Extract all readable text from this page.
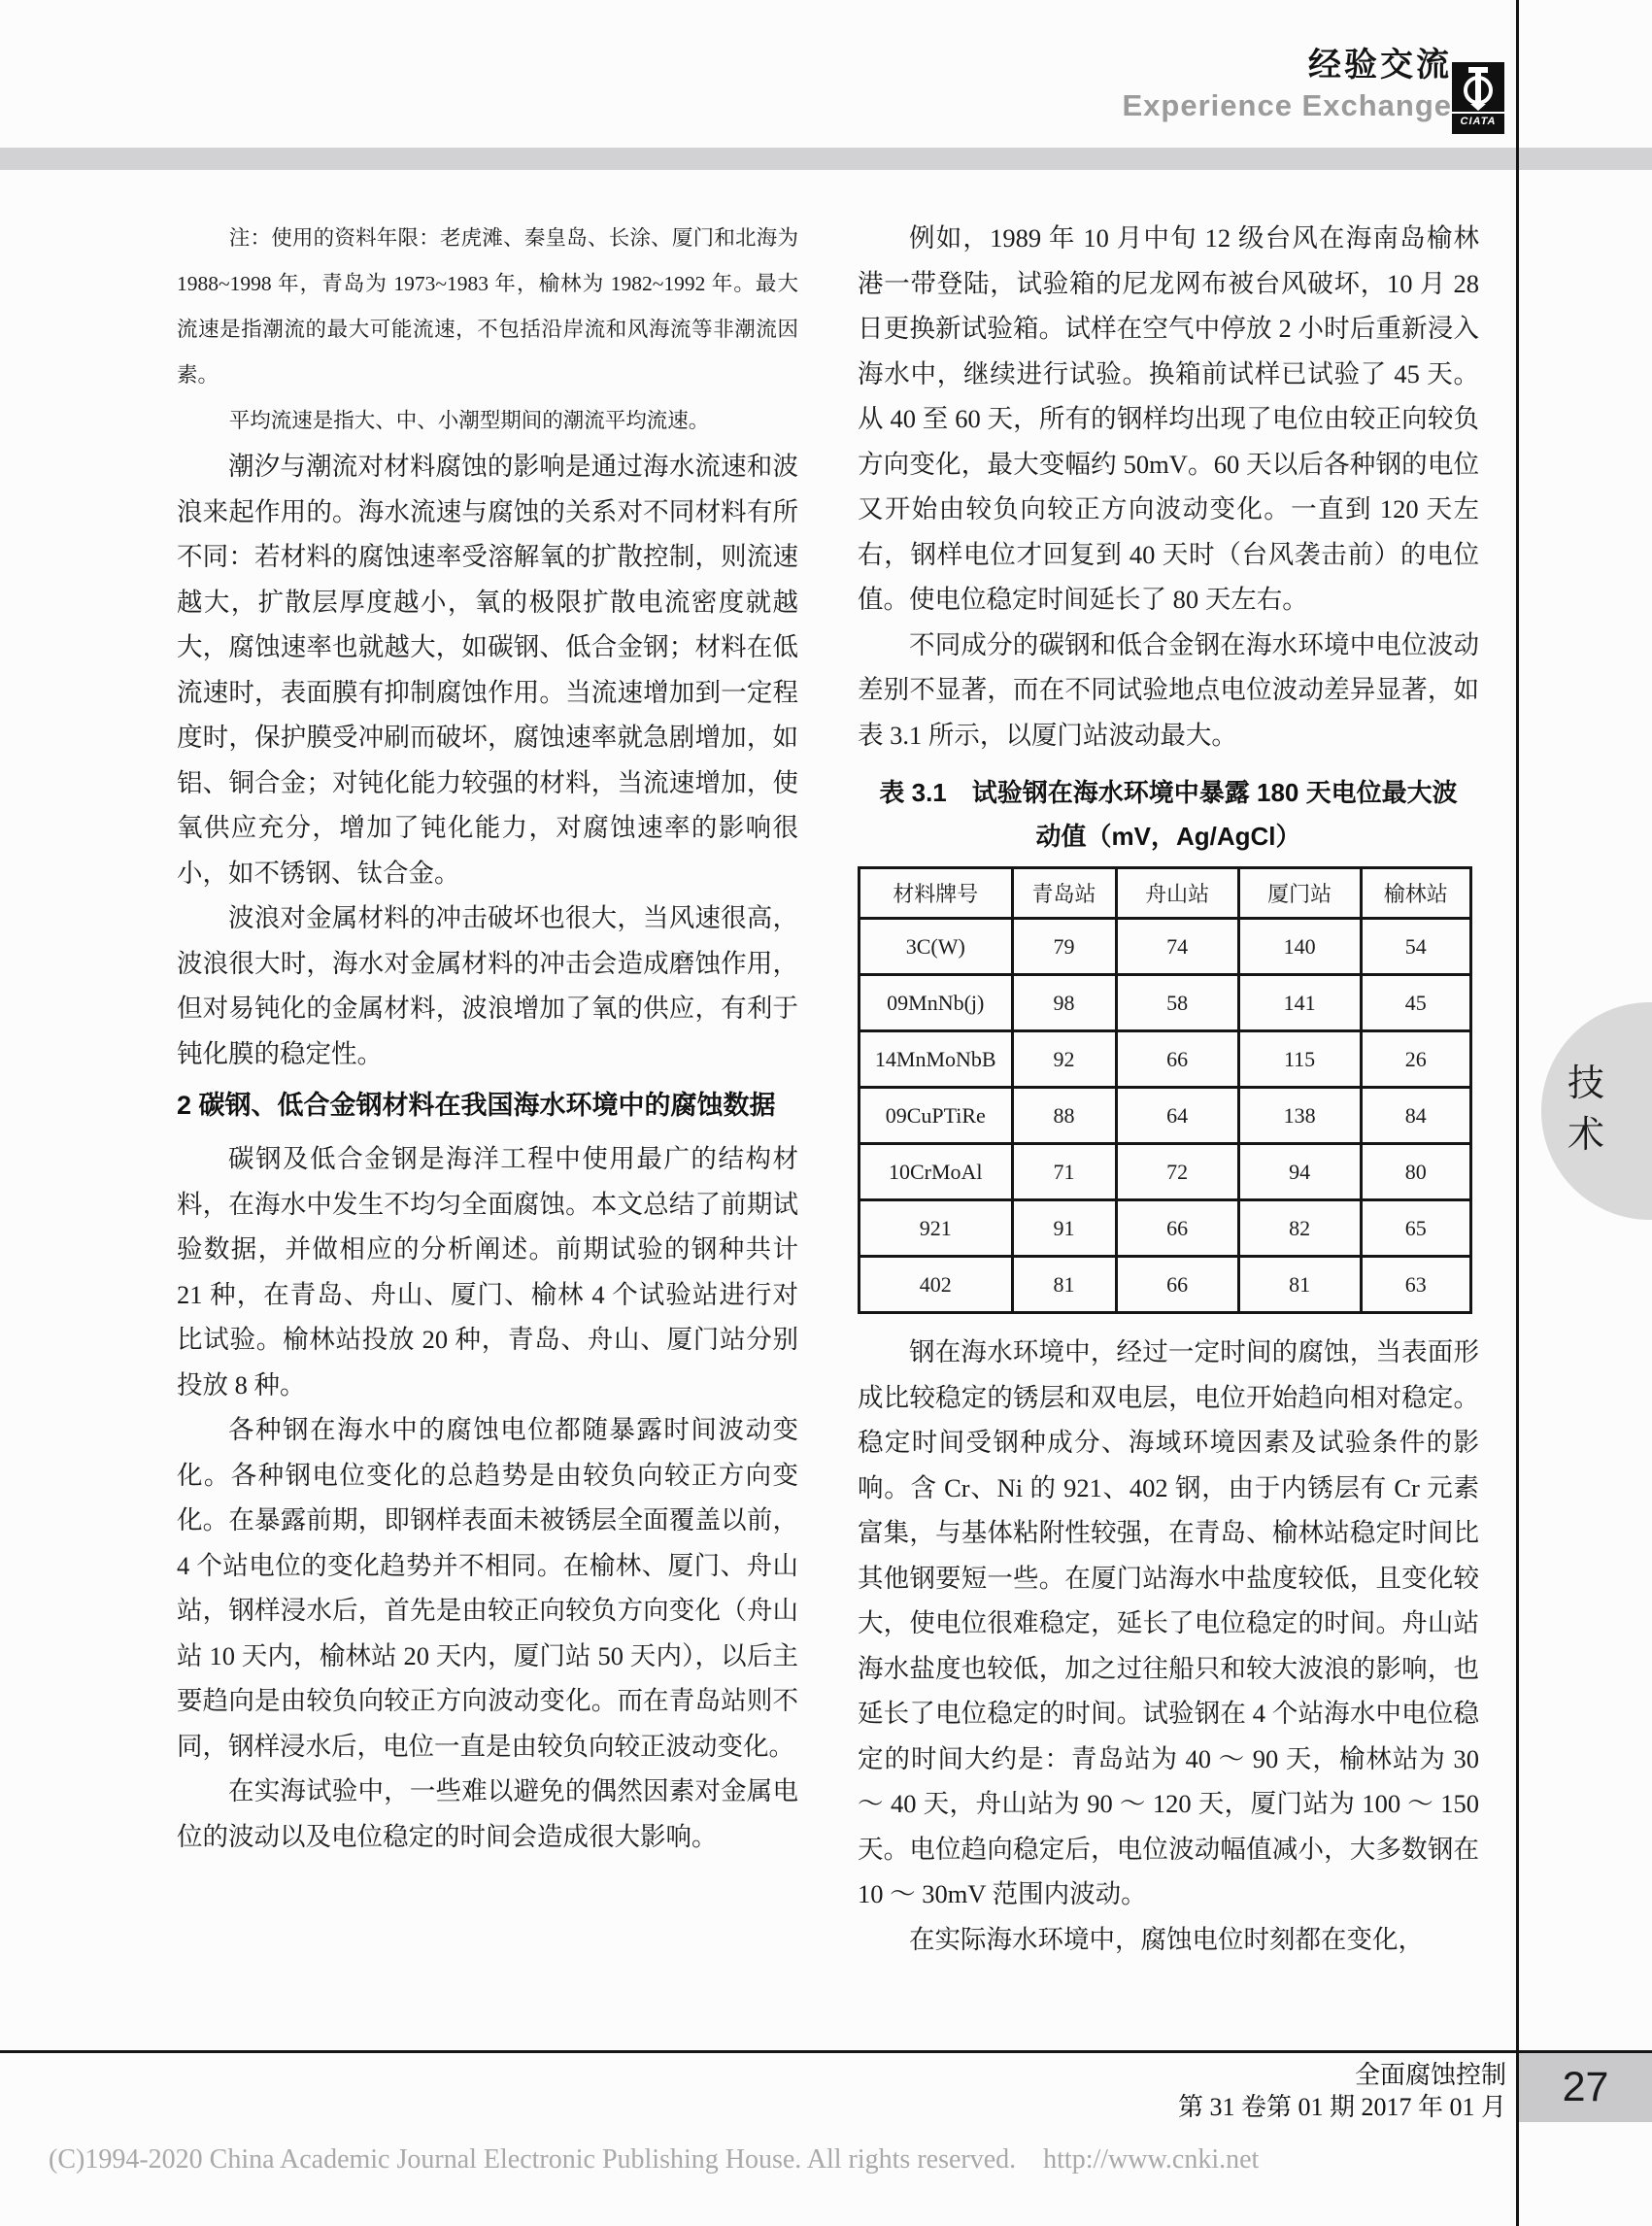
经验交流
Experience Exchange CIATA
技
术

注：使用的资料年限：老虎滩、秦皇岛、长涂、厦门和北海为 1988~1998 年，青岛为 1973~1983 年，榆林为 1982~1992 年。最大流速是指潮流的最大可能流速，不包括沿岸流和风海流等非潮流因素。

平均流速是指大、中、小潮型期间的潮流平均流速。

潮汐与潮流对材料腐蚀的影响是通过海水流速和波浪来起作用的。海水流速与腐蚀的关系对不同材料有所不同：若材料的腐蚀速率受溶解氧的扩散控制，则流速越大，扩散层厚度越小，氧的极限扩散电流密度就越大，腐蚀速率也就越大，如碳钢、低合金钢；材料在低流速时，表面膜有抑制腐蚀作用。当流速增加到一定程度时，保护膜受冲刷而破坏，腐蚀速率就急剧增加，如铝、铜合金；对钝化能力较强的材料，当流速增加，使氧供应充分，增加了钝化能力，对腐蚀速率的影响很小，如不锈钢、钛合金。

波浪对金属材料的冲击破坏也很大，当风速很高，波浪很大时，海水对金属材料的冲击会造成磨蚀作用，但对易钝化的金属材料，波浪增加了氧的供应，有利于钝化膜的稳定性。

2 碳钢、低合金钢材料在我国海水环境中的腐蚀数据

碳钢及低合金钢是海洋工程中使用最广的结构材料，在海水中发生不均匀全面腐蚀。本文总结了前期试验数据，并做相应的分析阐述。前期试验的钢种共计 21 种，在青岛、舟山、厦门、榆林 4 个试验站进行对比试验。榆林站投放 20 种，青岛、舟山、厦门站分别投放 8 种。

各种钢在海水中的腐蚀电位都随暴露时间波动变化。各种钢电位变化的总趋势是由较负向较正方向变化。在暴露前期，即钢样表面未被锈层全面覆盖以前，4 个站电位的变化趋势并不相同。在榆林、厦门、舟山站，钢样浸水后，首先是由较正向较负方向变化（舟山站 10 天内，榆林站 20 天内，厦门站 50 天内），以后主要趋向是由较负向较正方向波动变化。而在青岛站则不同，钢样浸水后，电位一直是由较负向较正波动变化。

在实海试验中，一些难以避免的偶然因素对金属电位的波动以及电位稳定的时间会造成很大影响。

例如，1989 年 10 月中旬 12 级台风在海南岛榆林港一带登陆，试验箱的尼龙网布被台风破坏，10 月 28 日更换新试验箱。试样在空气中停放 2 小时后重新浸入海水中，继续进行试验。换箱前试样已试验了 45 天。从 40 至 60 天，所有的钢样均出现了电位由较正向较负方向变化，最大变幅约 50mV。60 天以后各种钢的电位又开始由较负向较正方向波动变化。一直到 120 天左右，钢样电位才回复到 40 天时（台风袭击前）的电位值。使电位稳定时间延长了 80 天左右。

不同成分的碳钢和低合金钢在海水环境中电位波动差别不显著，而在不同试验地点电位波动差异显著，如表 3.1 所示，以厦门站波动最大。

表 3.1　试验钢在海水环境中暴露 180 天电位最大波
动值（mV，Ag/AgCl）
材料牌号	青岛站	舟山站	厦门站	榆林站
3C(W)	79	74	140	54
09MnNb(j)	98	58	141	45
14MnMoNbB	92	66	115	26
09CuPTiRe	88	64	138	84
10CrMoAl	71	72	94	80
921	91	66	82	65
402	81	66	81	63

钢在海水环境中，经过一定时间的腐蚀，当表面形成比较稳定的锈层和双电层，电位开始趋向相对稳定。稳定时间受钢种成分、海域环境因素及试验条件的影响。含 Cr、Ni 的 921、402 钢，由于内锈层有 Cr 元素富集，与基体粘附性较强，在青岛、榆林站稳定时间比其他钢要短一些。在厦门站海水中盐度较低，且变化较大，使电位很难稳定，延长了电位稳定的时间。舟山站海水盐度也较低，加之过往船只和较大波浪的影响，也延长了电位稳定的时间。试验钢在 4 个站海水中电位稳定的时间大约是：青岛站为 40 ～ 90 天，榆林站为 30 ～ 40 天，舟山站为 90 ～ 120 天，厦门站为 100 ～ 150 天。电位趋向稳定后，电位波动幅值减小，大多数钢在 10 ～ 30mV 范围内波动。

在实际海水环境中，腐蚀电位时刻都在变化，

27
全面腐蚀控制
第 31 卷第 01 期 2017 年 01 月
(C)1994-2020 China Academic Journal Electronic Publishing House. All rights reserved.    http://www.cnki.net
